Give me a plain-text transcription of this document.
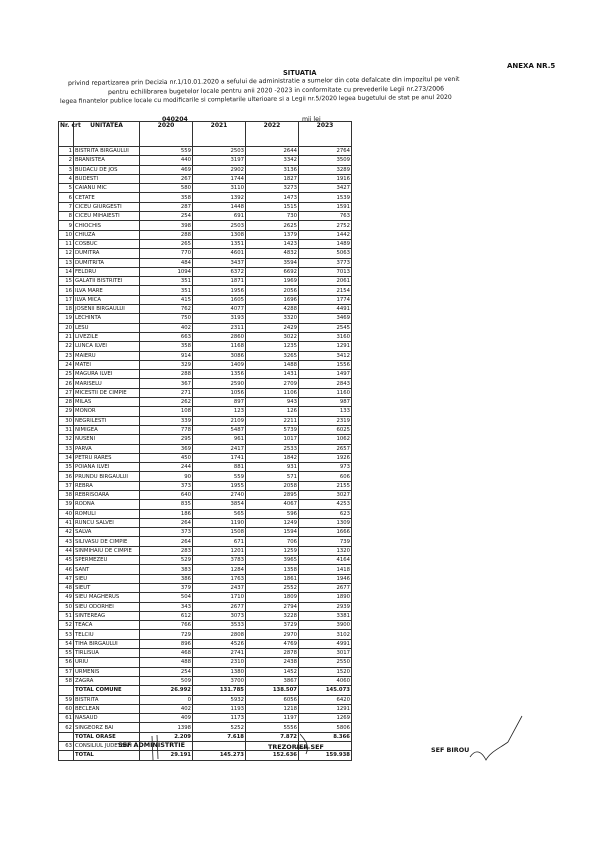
ANEXA NR.5
SITUATIA
privind repartizarea prin Decizia nr.1/10.01.2020 a sefului de administratie a sumelor din cote defalcate din impozitul pe venit
pentru echilibrarea bugetelor locale pentru anii 2020 -2023 in conformitate cu prevederile Legii nr.273/2006
legea finantelor publice locale cu modificarile si completarile ulterioare si a Legii nr.5/2020 legea bugetului de stat pe anul 2020
040204	mii lei
Nr. crt	UNITATEA	2020	2021	2022	2023
1	BISTRITA BIRGAULUI	559	2503	2644	2764
2	BRANISTEA	440	3197	3342	3509
3	BUDACU DE JOS	469	2902	3136	3289
4	BUDESTI	267	1744	1827	1916
5	CAIANU MIC	580	3110	3273	3427
6	CETATE	358	1392	1473	1539
7	CICEU GIURGESTI	287	1448	1515	1591
8	CICEU MIHAIESTI	254	691	730	763
9	CHIOCHIS	398	2503	2625	2752
10	CHIUZA	288	1308	1379	1442
11	COSBUC	265	1351	1423	1489
12	DUMITRA	770	4601	4832	5063
13	DUMITRITA	484	3437	3594	3773
14	FELDRU	1094	6372	6692	7013
15	GALATII BISTRITEI	351	1871	1969	2061
16	ILVA MARE	351	1956	2056	2154
17	ILVA MICA	415	1605	1696	1774
18	JOSENII BIRGAULUI	762	4077	4288	4491
19	LECHINTA	750	3193	3320	3469
20	LESU	402	2311	2429	2545
21	LIVEZILE	663	2860	3022	3160
22	LUNCA ILVEI	358	1168	1235	1291
23	MAIERU	914	3086	3265	3412
24	MATEI	329	1409	1488	1556
25	MAGURA ILVEI	288	1356	1431	1497
26	MARISELU	367	2590	2709	2843
27	MICESTII DE CIMPIE	271	1056	1106	1160
28	MILAS	262	897	943	987
29	MONOR	108	123	126	133
30	NEGRILESTI	339	2109	2211	2319
31	NIMIGEA	778	5487	5739	6025
32	NUSENI	295	961	1017	1062
33	PARVA	369	2417	2533	2657
34	PETRU RARES	450	1741	1842	1926
35	POIANA ILVEI	244	881	931	973
36	PRUNDU BIRGAULUI	90	559	571	606
37	REBRA	373	1955	2058	2155
38	REBRISOARA	640	2740	2895	3027
39	RODNA	835	3854	4067	4253
40	ROMULI	186	565	596	623
41	RUNCU SALVEI	264	1190	1249	1309
42	SALVA	373	1508	1594	1666
43	SILIVASU DE CIMPIE	264	671	706	739
44	SINMIHAIU DE CIMPIE	283	1201	1259	1320
45	SPERMEZEU	529	3783	3965	4164
46	SANT	383	1284	1358	1418
47	SIEU	386	1763	1861	1946
48	SIEUT	379	2437	2552	2677
49	SIEU MAGHERUS	504	1710	1809	1890
50	SIEU ODORHEI	343	2677	2794	2939
51	SINTEREAG	612	3073	3228	3381
52	TEACA	766	3533	3729	3900
53	TELCIU	729	2808	2970	3102
54	TIHA BIRGAULUI	896	4526	4769	4991
55	TIRLISUA	468	2741	2878	3017
56	URIU	488	2310	2438	2550
57	URMENIS	254	1380	1452	1520
58	ZAGRA	509	3700	3867	4060
	TOTAL COMUNE	26.992	131.785	138.507	145.073
59	BISTRITA	0	5932	6056	6420
60	BECLEAN	402	1193	1218	1291
61	NASAUD	409	1173	1197	1269
62	SINGEORZ BAI	1398	5252	5556	5806
	TOTAL ORASE	2.209	7.618	7.872	8.366
63	CONSILIUL JUDETEAN				
	TOTAL	29.191	145.273	152.636	159.938
SEF ADMINISTRTIE	TREZORIER SEF	SEF BIROU
